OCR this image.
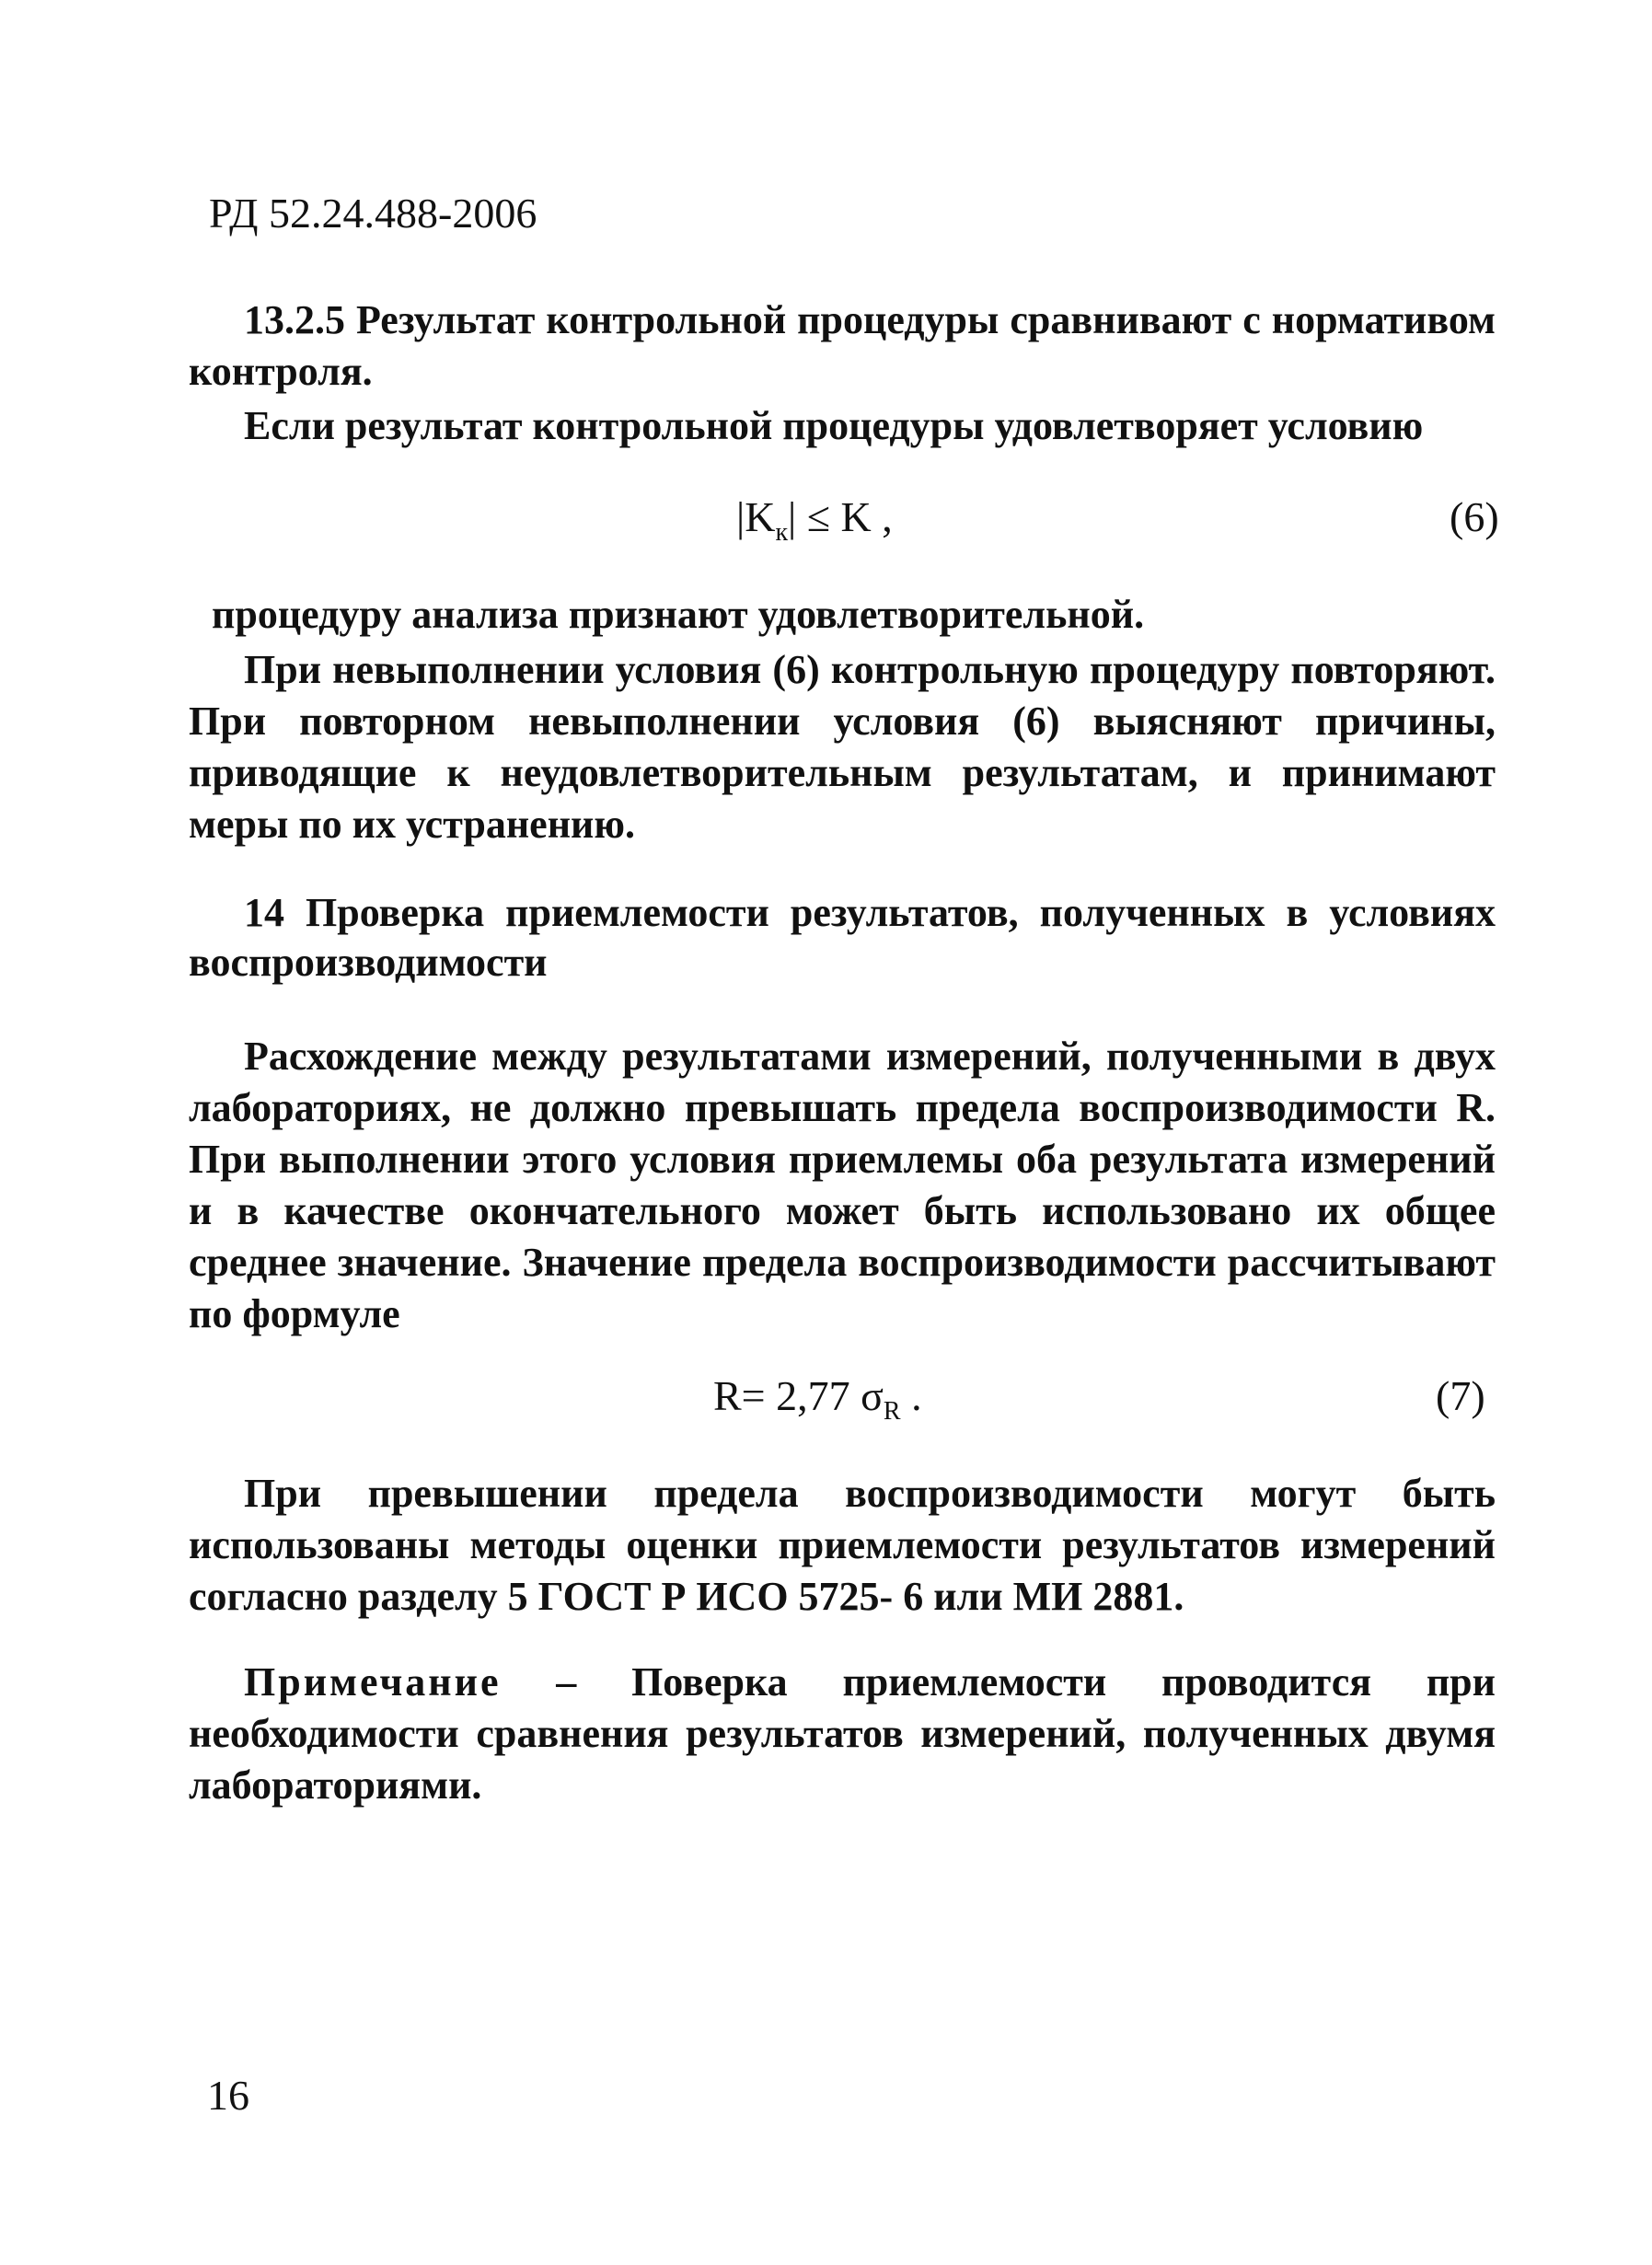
РД 52.24.488-2006

13.2.5 Результат контрольной процедуры сравнивают с нормативом контроля.

Если результат контрольной процедуры удовлетворяет условию

$|K_к| \le K$ ,	(6)

процедуру анализа признают удовлетворительной.

При невыполнении условия (6) контрольную процедуру повторяют. При повторном невыполнении условия (6) выясняют причины, приводящие к неудовлетворительным результатам, и принимают меры по их устранению.

14 Проверка приемлемости результатов, полученных в условиях воспроизводимости

Расхождение между результатами измерений, полученными в двух лабораториях, не должно превышать предела воспроизводимости R. При выполнении этого условия приемлемы оба результата измерений и в качестве окончательного может быть использовано их общее среднее значение. Значение предела воспроизводимости рассчитывают по формуле

R= 2,77 $\sigma_R$ .	(7)

При превышении предела воспроизводимости могут быть использованы методы оценки приемлемости результатов измерений согласно разделу 5 ГОСТ Р ИСО 5725- 6 или МИ 2881.

Примечание – Поверка приемлемости проводится при необходимости сравнения результатов измерений, полученных двумя лабораториями.

16
